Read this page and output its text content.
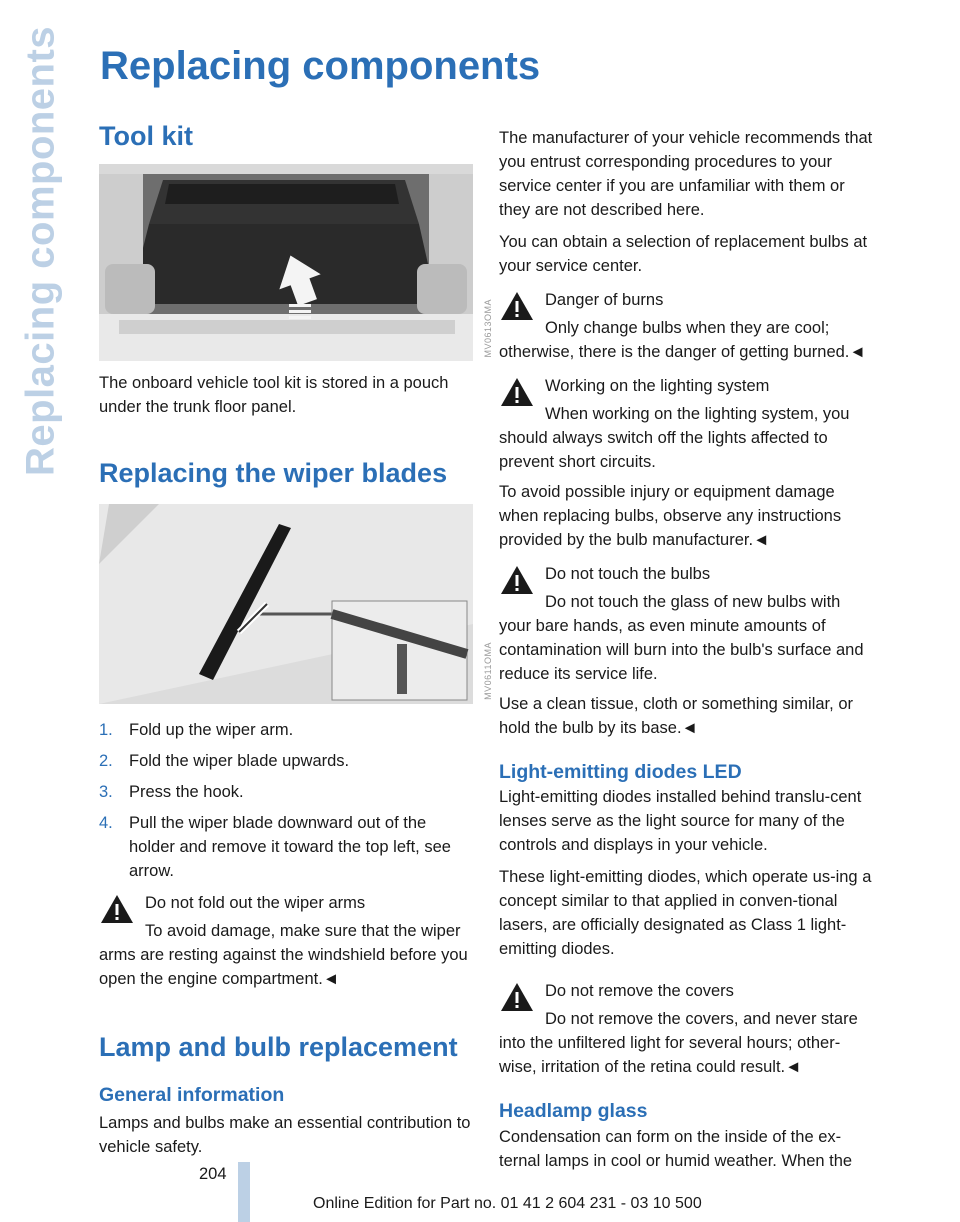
Replacing components Replacing components
Tool kit
MV0613OMA

The onboard vehicle tool kit is stored in a pouch under the trunk floor panel.

Replacing the wiper blades
MV0611OMA
1. Fold up the wiper arm.
2. Fold the wiper blade upwards.
3. Press the hook.
4. Pull the wiper blade downward out of the holder and remove it toward the top left, see arrow.

Do not fold out the wiper arms

To avoid damage, make sure that the wiper arms are resting against the windshield before you open the engine compartment.◄

Lamp and bulb replacement
General information

Lamps and bulbs make an essential contribution to vehicle safety.

The manufacturer of your vehicle recommends that you entrust corresponding procedures to your service center if you are unfamiliar with them or they are not described here.

You can obtain a selection of replacement bulbs at your service center.

Danger of burns

Only change bulbs when they are cool; otherwise, there is the danger of getting burned.◄

Working on the lighting system

When working on the lighting system, you should always switch off the lights affected to prevent short circuits.

To avoid possible injury or equipment damage when replacing bulbs, observe any instructions provided by the bulb manufacturer.◄

Do not touch the bulbs

Do not touch the glass of new bulbs with your bare hands, as even minute amounts of contamination will burn into the bulb's surface and reduce its service life.

Use a clean tissue, cloth or something similar, or hold the bulb by its base.◄

Light-emitting diodes LED

Light-emitting diodes installed behind translu-cent lenses serve as the light source for many of the controls and displays in your vehicle.

These light-emitting diodes, which operate us-ing a concept similar to that applied in conven-tional lasers, are officially designated as Class 1 light-emitting diodes.

Do not remove the covers

Do not remove the covers, and never stare into the unfiltered light for several hours; other-wise, irritation of the retina could result.◄

Headlamp glass

Condensation can form on the inside of the ex-ternal lamps in cool or humid weather. When the

204
Online Edition for Part no. 01 41 2 604 231 - 03 10 500
